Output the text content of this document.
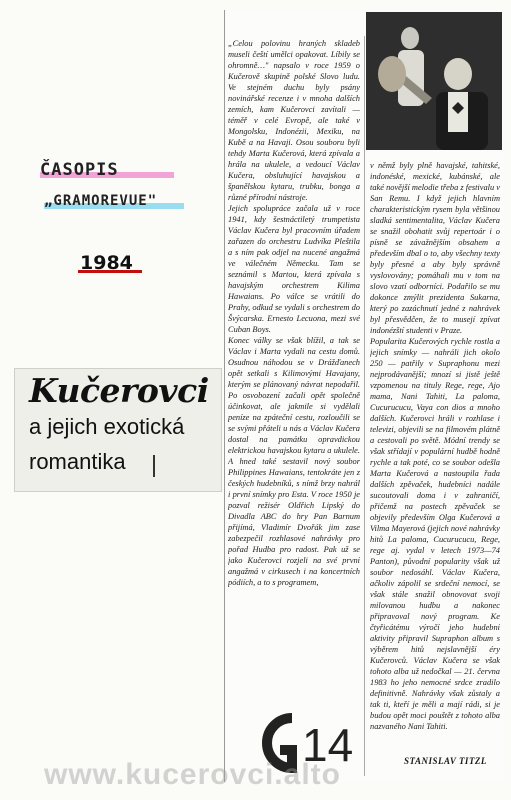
ČASOPIS
„GRAMOREVUE"
1984
Kučerovci
a jejich exotická
romantika
„Celou polovinu hraných skladeb museli čeští umělci opakovat. Líbily se ohromně…" napsalo v roce 1959 o Kučerově skupině polské Slovo ludu. Ve stejném duchu byly psány novinářské recenze i v mnoha dalších zemích, kam Kučerovci zavítali — téměř v celé Evropě, ale také v Mongolsku, Indonézii, Mexiku, na Kubě a na Havaji. Osou souboru byli tehdy Marta Kučerová, která zpívala a hrála na ukulele, a vedoucí Václav Kučera, obsluhující havajskou a španělskou kytaru, trubku, bonga a různé přírodní nástroje.
Jejich spolupráce začala už v roce 1941, kdy šestnáctiletý trumpetista Václav Kučera byl pracovním úřadem zařazen do orchestru Ludvíka Pleštila a s ním pak odjel na nucené angažmá ve válečném Německu. Tam se seznámil s Martou, která zpívala s havajským orchestrem Kilima Hawaians. Po válce se vrátili do Prahy, odkud se vydali s orchestrem do Švýcarska. Ernesto Lecuona, mezi své Cuban Boys.
Konec války se však blížil, a tak se Václav i Marta vydali na cestu domů. Osudnou náhodou se v Drážďanech opět setkali s Kilimovými Havajany, kterým se plánovaný návrat nepodařil. Po osvobození začali opět společně účinkovat, ale jakmile si vydělali peníze na zpáteční cestu, rozloučili se se svými přáteli u nás a Václav Kučera dostal na památku opravdickou elektrickou havajskou kytaru a ukulele. A hned také sestavil nový soubor Philippines Hawaians, tentokráte jen z českých hudebníků, s nímž brzy nahrál i první snímky pro Esta. V roce 1950 je pozval režisér Oldřich Lipský do Divadla ABC do hry Pan Barnum přijímá, Vladimír Dvořák jim zase zabezpečil rozhlasové nahrávky pro pořad Hudba pro radost. Pak už se jako Kučerovci rozjeli na své první angažmá v cirkusech i na koncertních pódiích, a to s programem,
v němž byly plně havajské, tahitské, indonéské, mexické, kubánské, ale také novější melodie třeba z festivalu v San Remu. I když jejich hlavním charakteristickým rysem byla většinou sladká sentimentalita, Václav Kučera se snažil obohatit svůj repertoár i o písně se závažnějším obsahem a především dbal o to, aby všechny texty byly přesné a aby byly správně vyslovovány; pomáhali mu v tom na slovo vzatí odborníci. Podařilo se mu dokonce zmýlit prezidenta Sukarna, který po zazáchnutí jedné z nahrávek byl přesvědčen, že to musejí zpívat indonézští studenti v Praze.
Popularita Kučerových rychle rostla a jejich snímky — nahráli jich okolo 250 — patřily v Supraphonu mezi nejprodávanější; mnozí si jistě ještě vzpomenou na tituly Rege, rege, Ajo mama, Nani Tahiti, La paloma, Cucurucucu, Vaya con dios a mnoho dalších. Kučerovci hráli v rozhlase i televizi, objevili se na filmovém plátně a cestovali po světě. Módní trendy se však střídají v populární hudbě hodně rychle a tak poté, co se soubor odešla Marta Kučerová a nastoupila řada dalších zpěvaček, hudebníci nadále sucoutovali doma i v zahraničí, přičemž na postech zpěvaček se objevily především Olga Kučerová a Vilma Mayerová (jejich nové nahrávky hitů La paloma, Cucurucucu, Rege, rege aj. vydal v letech 1973—74 Panton), původní popularity však už soubor nedosáhl. Václav Kučera, ačkoliv zápolil se srdeční nemocí, se však stále snažil obnovovat svoji milovanou hudbu a nakonec připravoval nový program. Ke čtyřicátému výročí jeho hudební aktivity připravil Supraphon album s výběrem hitů nejslavnější éry Kučerovců. Václav Kučera se však tohoto alba už nedočkal — 21. června 1983 ho jeho nemocné srdce zradilo definitivně. Nahrávky však zůstaly a tak ti, kteří je měli a mají rádi, si je budou opět moci pouštět z tohoto alba nazvaného Nani Tahiti.
STANISLAV TITZL
14
www.kucerovci.alto
